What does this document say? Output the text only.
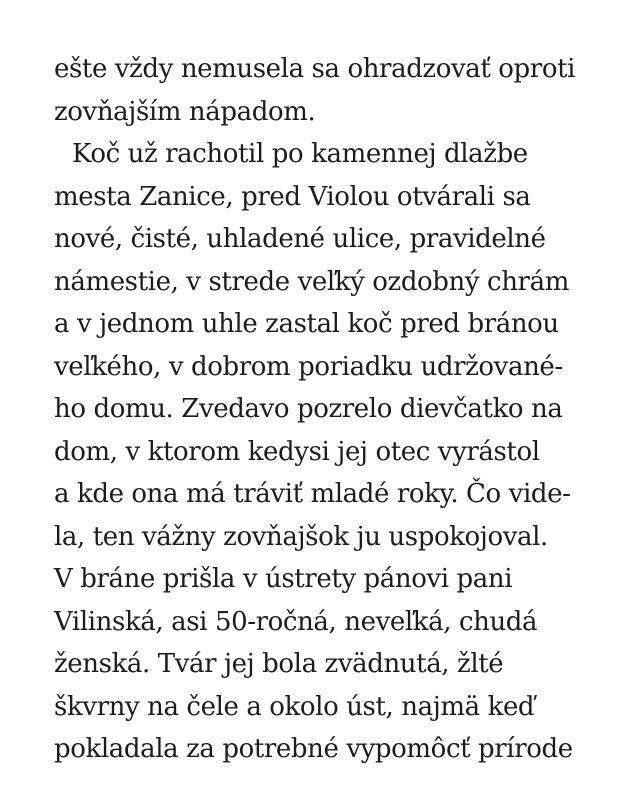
ešte vždy nemusela sa ohradzovať oproti
zovňajším nápadom.
Koč už rachotil po kamennej dlažbe
mesta Zanice, pred Violou otvárali sa
nové, čisté, uhladené ulice, pravidelné
námestie, v strede veľký ozdobný chrám
a v jednom uhle zastal koč pred bránou
veľkého, v dobrom poriadku udržované-
ho domu. Zvedavo pozrelo dievčatko na
dom, v ktorom kedysi jej otec vyrástol
a kde ona má tráviť mladé roky. Čo vide-
la, ten vážny zovňajšok ju uspokojoval.
V bráne prišla v ústrety pánovi pani
Vilinská, asi 50-ročná, neveľká, chudá
ženská. Tvár jej bola zvädnutá, žlté
škvrny na čele a okolo úst, najmä keď
pokladala za potrebné vypomôcť prírode
